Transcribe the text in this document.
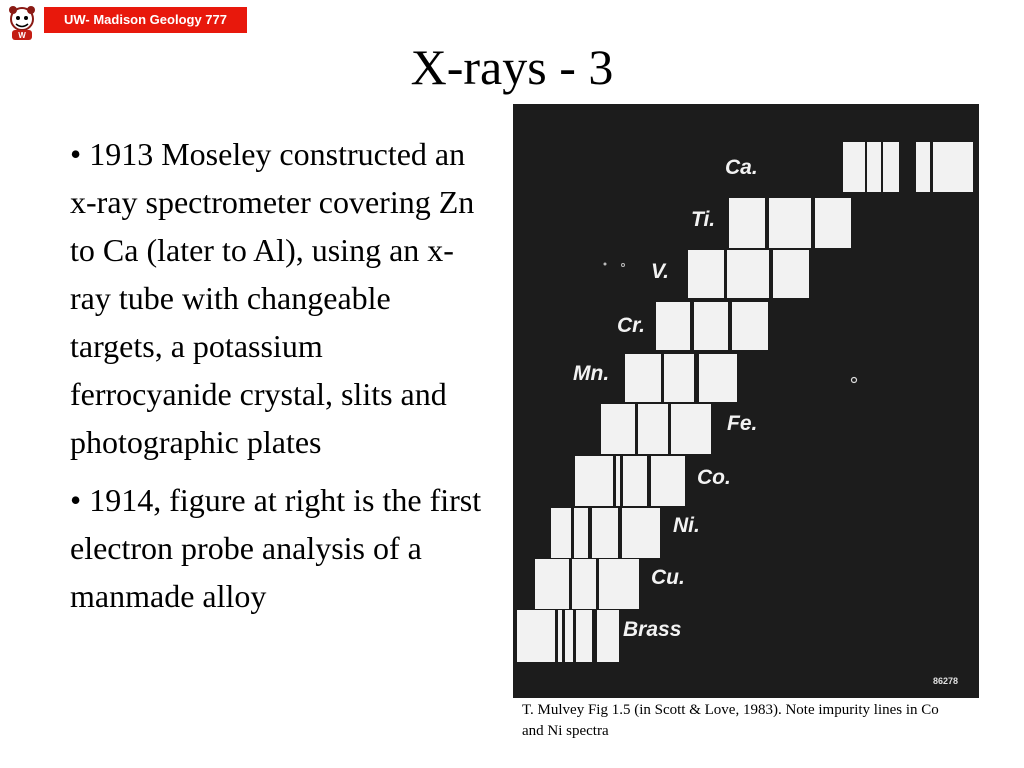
W
UW- Madison Geology 777
X-rays - 3
• 1913 Moseley constructed an x-ray spectrometer covering Zn to Ca (later to Al), using an x-ray tube with changeable targets, a potassium ferrocyanide crystal, slits and photographic plates
• 1914, figure at right is the first electron probe analysis of a manmade alloy
Ca.
Ti.
V.
Cr.
Mn.
Fe.
Co.
Ni.
Cu.
Brass
86278
T. Mulvey Fig 1.5 (in Scott & Love, 1983). Note impurity lines in Co and Ni spectra
